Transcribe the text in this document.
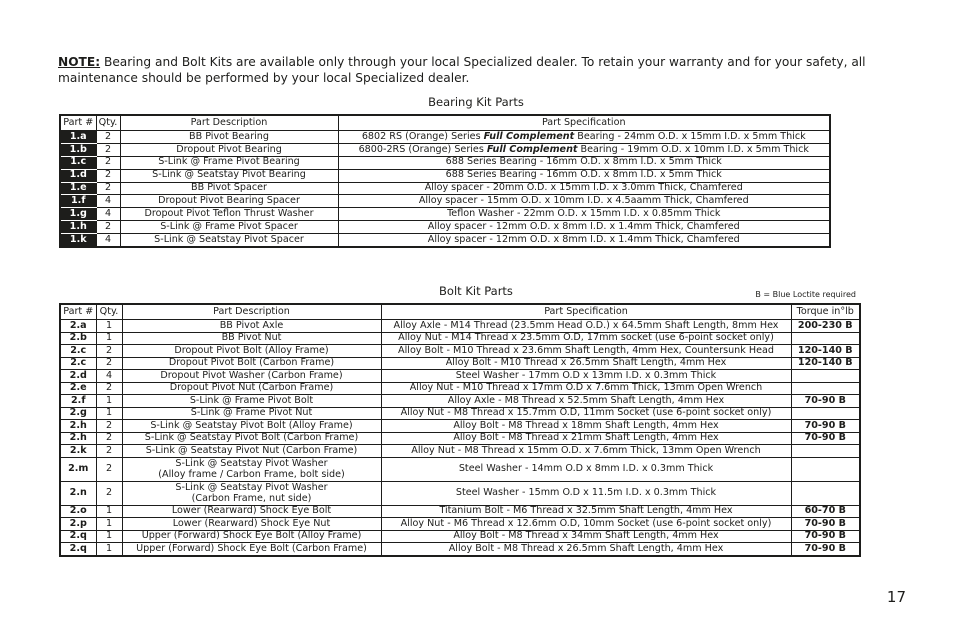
NOTE: Bearing and Bolt Kits are available only through your local Specialized dealer. To retain your warranty and for your safety, all maintenance should be performed by your local Specialized dealer.
Bearing Kit Parts
Part #	Qty.	Part Description	Part Specification
1.a	2	BB Pivot Bearing	6802 RS (Orange) Series Full Complement Bearing - 24mm O.D. x 15mm I.D. x 5mm Thick
1.b	2	Dropout Pivot Bearing	6800-2RS (Orange) Series Full Complement Bearing - 19mm O.D. x 10mm I.D. x 5mm Thick
1.c	2	S-Link @ Frame Pivot Bearing	688 Series Bearing - 16mm O.D. x 8mm I.D. x 5mm Thick
1.d	2	S-Link @ Seatstay Pivot Bearing	688 Series Bearing - 16mm O.D. x 8mm I.D. x 5mm Thick
1.e	2	BB Pivot Spacer	Alloy spacer - 20mm O.D. x 15mm I.D. x 3.0mm Thick, Chamfered
1.f	4	Dropout Pivot Bearing Spacer	Alloy spacer - 15mm O.D. x 10mm I.D. x 4.5aamm Thick, Chamfered
1.g	4	Dropout Pivot Teflon Thrust Washer	Teflon Washer - 22mm O.D. x 15mm I.D. x 0.85mm Thick
1.h	2	S-Link @ Frame Pivot Spacer	Alloy spacer - 12mm O.D. x 8mm I.D. x 1.4mm Thick, Chamfered
1.k	4	S-Link @ Seatstay Pivot Spacer	Alloy spacer - 12mm O.D. x 8mm I.D. x 1.4mm Thick, Chamfered
Bolt Kit Parts	B = Blue Loctite required
Part #	Qty.	Part Description	Part Specification	Torque in°lb
2.a	1	BB Pivot Axle	Alloy Axle - M14 Thread (23.5mm Head O.D.) x 64.5mm Shaft Length, 8mm Hex	200-230 B
2.b	1	BB Pivot Nut	Alloy Nut - M14 Thread x 23.5mm O.D, 17mm socket (use 6-point socket only)	
2.c	2	Dropout Pivot Bolt (Alloy Frame)	Alloy Bolt - M10 Thread x 23.6mm Shaft Length, 4mm Hex, Countersunk Head	120-140 B
2.c	2	Dropout Pivot Bolt (Carbon Frame)	Alloy Bolt - M10 Thread x 26.5mm Shaft Length, 4mm Hex	120-140 B
2.d	4	Dropout Pivot Washer (Carbon Frame)	Steel Washer - 17mm O.D x 13mm I.D. x 0.3mm Thick	
2.e	2	Dropout Pivot Nut (Carbon Frame)	Alloy Nut - M10 Thread x 17mm O.D x 7.6mm Thick, 13mm Open Wrench	
2.f	1	S-Link @ Frame Pivot Bolt	Alloy Axle - M8 Thread x 52.5mm Shaft Length, 4mm Hex	70-90 B
2.g	1	S-Link @ Frame Pivot Nut	Alloy Nut - M8 Thread x 15.7mm O.D, 11mm Socket (use 6-point socket only)	
2.h	2	S-Link @ Seatstay Pivot Bolt (Alloy Frame)	Alloy Bolt - M8 Thread x 18mm Shaft Length, 4mm Hex	70-90 B
2.h	2	S-Link @ Seatstay Pivot Bolt (Carbon Frame)	Alloy Bolt - M8 Thread x 21mm Shaft Length, 4mm Hex	70-90 B
2.k	2	S-Link @ Seatstay Pivot Nut (Carbon Frame)	Alloy Nut - M8 Thread x 15mm O.D. x 7.6mm Thick, 13mm Open Wrench	
2.m	2	S-Link @ Seatstay Pivot Washer
(Alloy frame / Carbon Frame, bolt side)	Steel Washer - 14mm O.D x 8mm I.D. x 0.3mm Thick	
2.n	2	S-Link @ Seatstay Pivot Washer
(Carbon Frame, nut side)	Steel Washer - 15mm O.D x 11.5m I.D. x 0.3mm Thick	
2.o	1	Lower (Rearward) Shock Eye Bolt	Titanium Bolt - M6 Thread x 32.5mm Shaft Length, 4mm Hex	60-70 B
2.p	1	Lower (Rearward) Shock Eye Nut	Alloy Nut - M6 Thread x 12.6mm O.D, 10mm Socket (use 6-point socket only)	70-90 B
2.q	1	Upper (Forward) Shock Eye Bolt (Alloy Frame)	Alloy Bolt - M8 Thread x 34mm Shaft Length, 4mm Hex	70-90 B
2.q	1	Upper (Forward) Shock Eye Bolt (Carbon Frame)	Alloy Bolt - M8 Thread x 26.5mm Shaft Length, 4mm Hex	70-90 B
17
